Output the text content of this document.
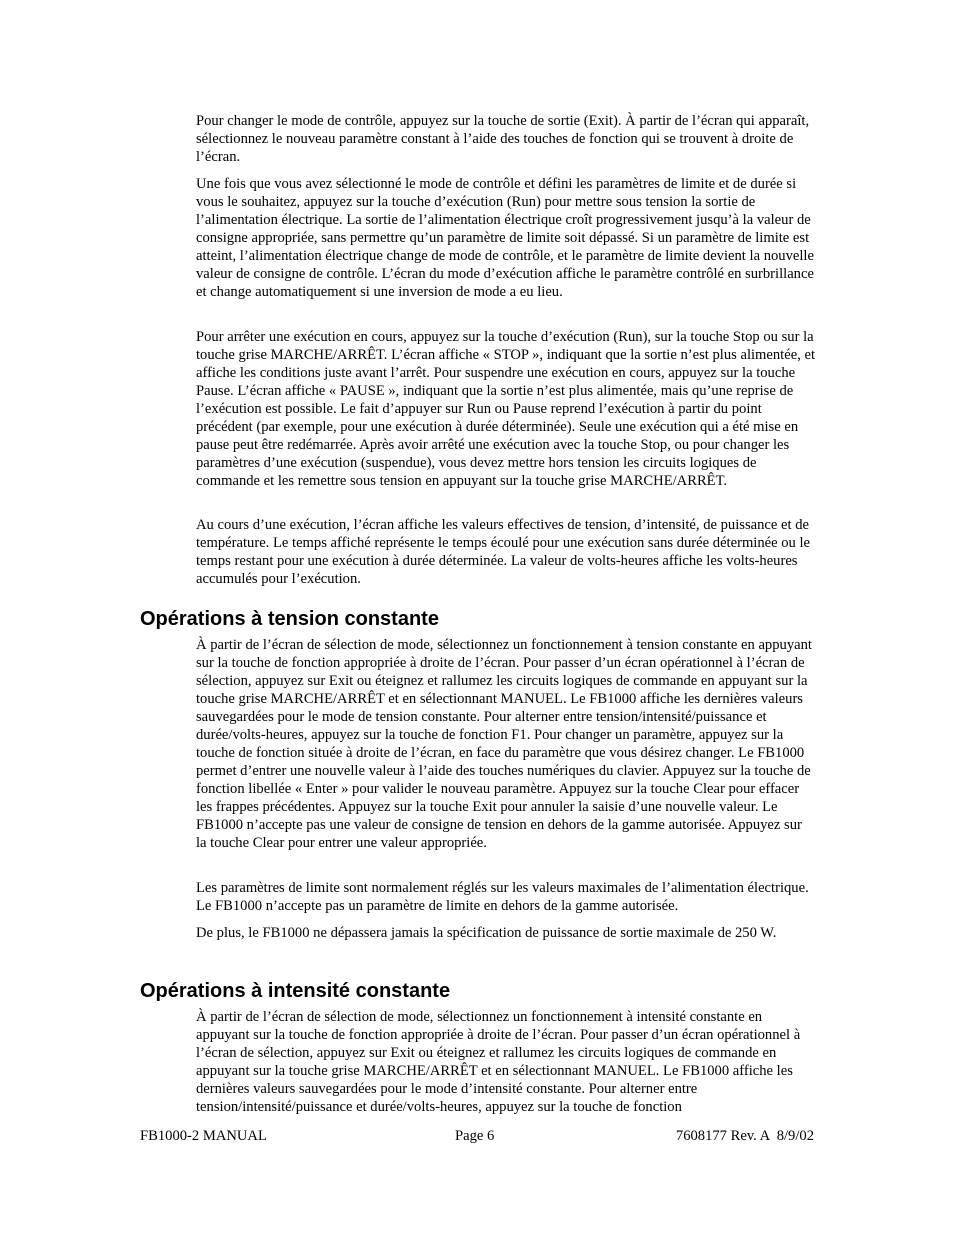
Pour changer le mode de contrôle, appuyez sur la touche de sortie (Exit). À partir de l’écran qui apparaît, sélectionnez le nouveau paramètre constant à l’aide des touches de fonction qui se trouvent à droite de l’écran.

Une fois que vous avez sélectionné le mode de contrôle et défini les paramètres de limite et de durée si vous le souhaitez, appuyez sur la touche d’exécution (Run) pour mettre sous tension la sortie de l’alimentation électrique. La sortie de l’alimentation électrique croît progressivement jusqu’à la valeur de consigne appropriée, sans permettre qu’un paramètre de limite soit dépassé. Si un paramètre de limite est atteint, l’alimentation électrique change de mode de contrôle, et le paramètre de limite devient la nouvelle valeur de consigne de contrôle. L’écran du mode d’exécution affiche le paramètre contrôlé en surbrillance et change automatiquement si une inversion de mode a eu lieu.

Pour arrêter une exécution en cours, appuyez sur la touche d’exécution (Run), sur la touche Stop ou sur la touche grise MARCHE/ARRÊT. L’écran affiche « STOP », indiquant que la sortie n’est plus alimentée, et affiche les conditions juste avant l’arrêt. Pour suspendre une exécution en cours, appuyez sur la touche Pause. L’écran affiche « PAUSE », indiquant que la sortie n’est plus alimentée, mais qu’une reprise de l’exécution est possible. Le fait d’appuyer sur Run ou Pause reprend l’exécution à partir du point précédent (par exemple, pour une exécution à durée déterminée). Seule une exécution qui a été mise en pause peut être redémarrée. Après avoir arrêté une exécution avec la touche Stop, ou pour changer les paramètres d’une exécution (suspendue), vous devez mettre hors tension les circuits logiques de commande et les remettre sous tension en appuyant sur la touche grise MARCHE/ARRÊT.

Au cours d’une exécution, l’écran affiche les valeurs effectives de tension, d’intensité, de puissance et de température. Le temps affiché représente le temps écoulé pour une exécution sans durée déterminée ou le temps restant pour une exécution à durée déterminée. La valeur de volts-heures affiche les volts-heures accumulés pour l’exécution.

Opérations à tension constante

À partir de l’écran de sélection de mode, sélectionnez un fonctionnement à tension constante en appuyant sur la touche de fonction appropriée à droite de l’écran. Pour passer d’un écran opérationnel à l’écran de sélection, appuyez sur Exit ou éteignez et rallumez les circuits logiques de commande en appuyant sur la touche grise MARCHE/ARRÊT et en sélectionnant MANUEL. Le FB1000 affiche les dernières valeurs sauvegardées pour le mode de tension constante. Pour alterner entre tension/intensité/puissance et durée/volts-heures, appuyez sur la touche de fonction F1. Pour changer un paramètre, appuyez sur la touche de fonction située à droite de l’écran, en face du paramètre que vous désirez changer. Le FB1000 permet d’entrer une nouvelle valeur à l’aide des touches numériques du clavier. Appuyez sur la touche de fonction libellée « Enter » pour valider le nouveau paramètre. Appuyez sur la touche Clear pour effacer les frappes précédentes. Appuyez sur la touche Exit pour annuler la saisie d’une nouvelle valeur. Le FB1000 n’accepte pas une valeur de consigne de tension en dehors de la gamme autorisée. Appuyez sur la touche Clear pour entrer une valeur appropriée.

Les paramètres de limite sont normalement réglés sur les valeurs maximales de l’alimentation électrique. Le FB1000 n’accepte pas un paramètre de limite en dehors de la gamme autorisée.

De plus, le FB1000 ne dépassera jamais la spécification de puissance de sortie maximale de 250 W.

Opérations à intensité constante

À partir de l’écran de sélection de mode, sélectionnez un fonctionnement à intensité constante en appuyant sur la touche de fonction appropriée à droite de l’écran. Pour passer d’un écran opérationnel à l’écran de sélection, appuyez sur Exit ou éteignez et rallumez les circuits logiques de commande en appuyant sur la touche grise MARCHE/ARRÊT et en sélectionnant MANUEL. Le FB1000 affiche les dernières valeurs sauvegardées pour le mode d’intensité constante. Pour alterner entre tension/intensité/puissance et durée/volts-heures, appuyez sur la touche de fonction

FB1000-2 MANUAL	Page 6	7608177 Rev. A  8/9/02
